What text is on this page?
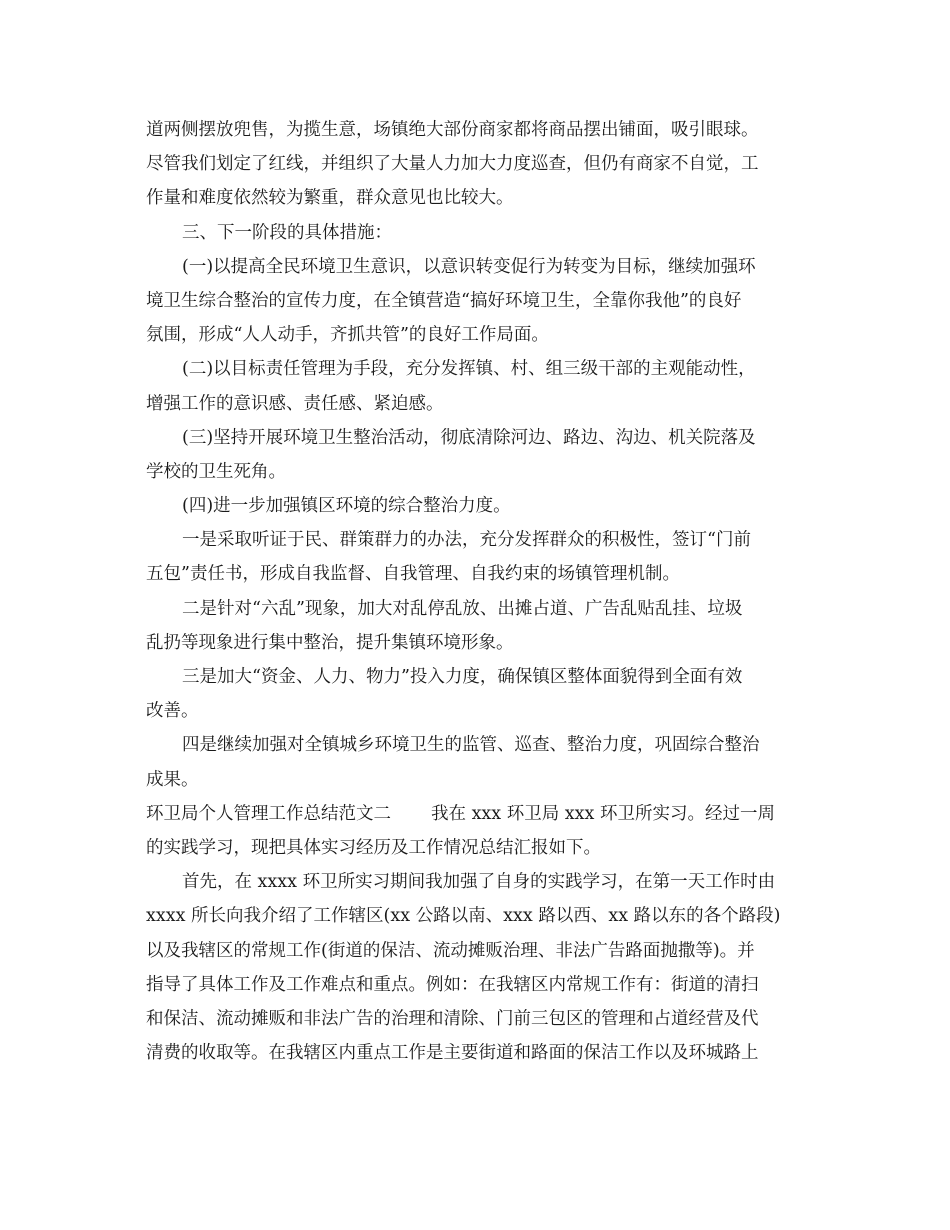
道两侧摆放兜售，为揽生意，场镇绝大部份商家都将商品摆出铺面，吸引眼球。
尽管我们划定了红线，并组织了大量人力加大力度巡查，但仍有商家不自觉，工
作量和难度依然较为繁重，群众意见也比较大。
三、下一阶段的具体措施：
(一)以提高全民环境卫生意识，以意识转变促行为转变为目标，继续加强环
境卫生综合整治的宣传力度，在全镇营造“搞好环境卫生，全靠你我他”的良好
氛围，形成“人人动手，齐抓共管”的良好工作局面。
(二)以目标责任管理为手段，充分发挥镇、村、组三级干部的主观能动性，
增强工作的意识感、责任感、紧迫感。
(三)坚持开展环境卫生整治活动，彻底清除河边、路边、沟边、机关院落及
学校的卫生死角。
(四)进一步加强镇区环境的综合整治力度。
一是采取听证于民、群策群力的办法，充分发挥群众的积极性，签订“门前
五包”责任书，形成自我监督、自我管理、自我约束的场镇管理机制。
二是针对“六乱”现象，加大对乱停乱放、出摊占道、广告乱贴乱挂、垃圾
乱扔等现象进行集中整治，提升集镇环境形象。
三是加大“资金、人力、物力”投入力度，确保镇区整体面貌得到全面有效
改善。
四是继续加强对全镇城乡环境卫生的监管、巡查、整治力度，巩固综合整治
成果。
环卫局个人管理工作总结范文二 我在 xxx 环卫局 xxx 环卫所实习。经过一周
的实践学习，现把具体实习经历及工作情况总结汇报如下。
首先，在 xxxx 环卫所实习期间我加强了自身的实践学习，在第一天工作时由
xxxx 所长向我介绍了工作辖区(xx 公路以南、xxx 路以西、xx 路以东的各个路段)
以及我辖区的常规工作(街道的保洁、流动摊贩治理、非法广告路面抛撒等)。并
指导了具体工作及工作难点和重点。例如：在我辖区内常规工作有：街道的清扫
和保洁、流动摊贩和非法广告的治理和清除、门前三包区的管理和占道经营及代
清费的收取等。在我辖区内重点工作是主要街道和路面的保洁工作以及环城路上
